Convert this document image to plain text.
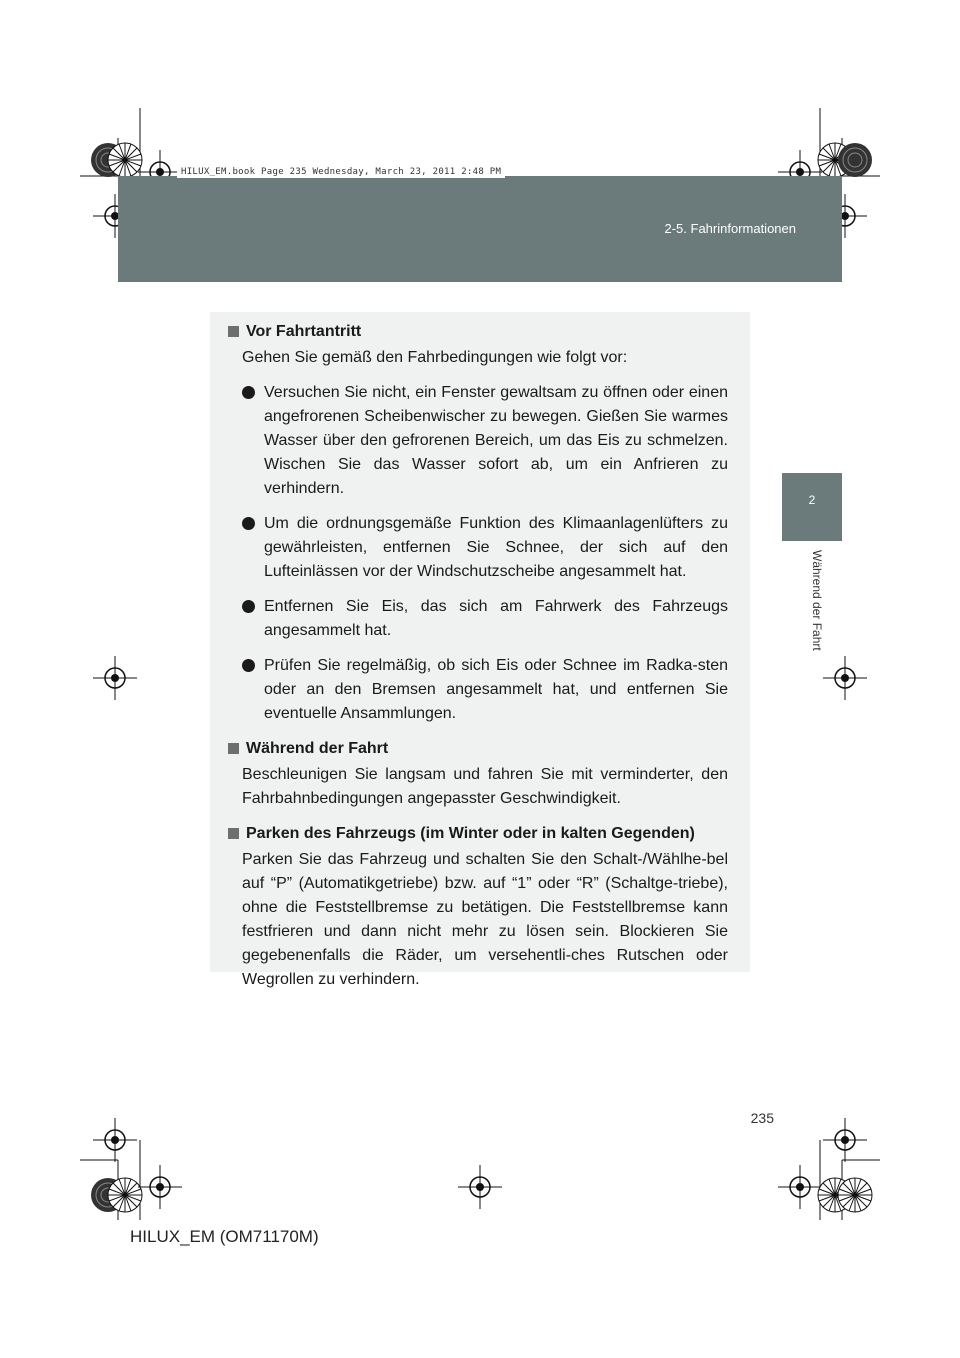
HILUX_EM.book Page 235 Wednesday, March 23, 2011 2:48 PM
2-5. Fahrinformationen
2
Während der Fahrt
Vor Fahrtantritt

Gehen Sie gemäß den Fahrbedingungen wie folgt vor:

Versuchen Sie nicht, ein Fenster gewaltsam zu öffnen oder einen angefrorenen Scheibenwischer zu bewegen. Gießen Sie warmes Wasser über den gefrorenen Bereich, um das Eis zu schmelzen. Wischen Sie das Wasser sofort ab, um ein Anfrieren zu verhindern.
Um die ordnungsgemäße Funktion des Klimaanlagenlüfters zu gewährleisten, entfernen Sie Schnee, der sich auf den Lufteinlässen vor der Windschutzscheibe angesammelt hat.
Entfernen Sie Eis, das sich am Fahrwerk des Fahrzeugs angesammelt hat.
Prüfen Sie regelmäßig, ob sich Eis oder Schnee im Radka-sten oder an den Bremsen angesammelt hat, und entfernen Sie eventuelle Ansammlungen.
Während der Fahrt

Beschleunigen Sie langsam und fahren Sie mit verminderter, den Fahrbahnbedingungen angepasster Geschwindigkeit.

Parken des Fahrzeugs (im Winter oder in kalten Gegenden)

Parken Sie das Fahrzeug und schalten Sie den Schalt-/Wählhe-bel auf “P” (Automatikgetriebe) bzw. auf “1” oder “R” (Schaltge-triebe), ohne die Feststellbremse zu betätigen. Die Feststellbremse kann festfrieren und dann nicht mehr zu lösen sein. Blockieren Sie gegebenenfalls die Räder, um versehentli-ches Rutschen oder Wegrollen zu verhindern.

235
HILUX_EM (OM71170M)
